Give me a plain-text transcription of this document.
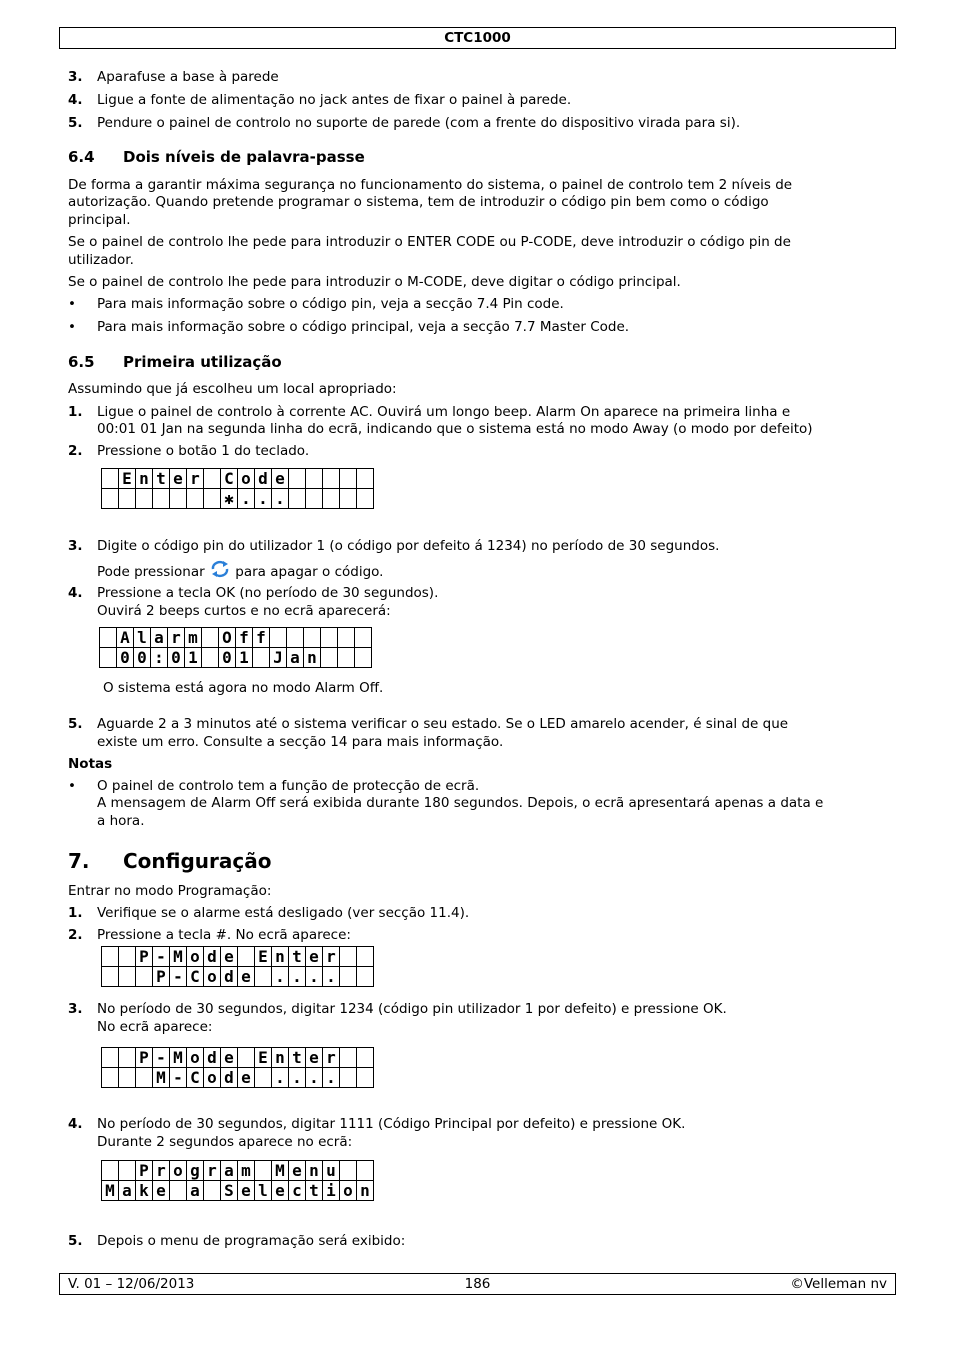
CTC1000
3. Aparafuse a base à parede
4. Ligue a fonte de alimentação no jack antes de fixar o painel à parede.
5. Pendure o painel de controlo no suporte de parede (com a frente do dispositivo virada para si).
6.4 Dois níveis de palavra-passe
De forma a garantir máxima segurança no funcionamento do sistema, o painel de controlo tem 2 níveis de
autorização. Quando pretende programar o sistema, tem de introduzir o código pin bem como o código
principal.
Se o painel de controlo lhe pede para introduzir o ENTER CODE ou P-CODE, deve introduzir o código pin de
utilizador.
Se o painel de controlo lhe pede para introduzir o M-CODE, deve digitar o código principal.
• Para mais informação sobre o código pin, veja a secção 7.4 Pin code.
• Para mais informação sobre o código principal, veja a secção 7.7 Master Code.
6.5 Primeira utilização
Assumindo que já escolheu um local apropriado:
1. Ligue o painel de controlo à corrente AC. Ouvirá um longo beep. Alarm On aparece na primeira linha e
00:01 01 Jan na segunda linha do ecrã, indicando que o sistema está no modo Away (o modo por defeito)
2. Pressione o botão 1 do teclado.
	E	n	t	e	r		C	o	d	e					
							✱	.	.	.					
3. Digite o código pin do utilizador 1 (o código por defeito á 1234) no período de 30 segundos.
Pode pressionar para apagar o código.
4. Pressione a tecla OK (no período de 30 segundos).
Ouvirá 2 beeps curtos e no ecrã aparecerá:
	A	l	a	r	m		O	f	f						
	0	0	:	0	1		0	1		J	a	n			
O sistema está agora no modo Alarm Off.
5. Aguarde 2 a 3 minutos até o sistema verificar o seu estado. Se o LED amarelo acender, é sinal de que
existe um erro. Consulte a secção 14 para mais informação.
Notas
• O painel de controlo tem a função de protecção de ecrã.
A mensagem de Alarm Off será exibida durante 180 segundos. Depois, o ecrã apresentará apenas a data e
a hora.
7. Configuração
Entrar no modo Programação:
1. Verifique se o alarme está desligado (ver secção 11.4).
2. Pressione a tecla #. No ecrã aparece:
		P	-	M	o	d	e		E	n	t	e	r		
			P	-	C	o	d	e		.	.	.	.		
3. No período de 30 segundos, digitar 1234 (código pin utilizador 1 por defeito) e pressione OK.
No ecrã aparece:
		P	-	M	o	d	e		E	n	t	e	r		
			M	-	C	o	d	e		.	.	.	.		
4. No período de 30 segundos, digitar 1111 (Código Principal por defeito) e pressione OK.
Durante 2 segundos aparece no ecrã:
		P	r	o	g	r	a	m		M	e	n	u		
M	a	k	e		a		S	e	l	e	c	t	i	o	n
5. Depois o menu de programação será exibido:
V. 01 – 12/06/2013	186	©Velleman nv
